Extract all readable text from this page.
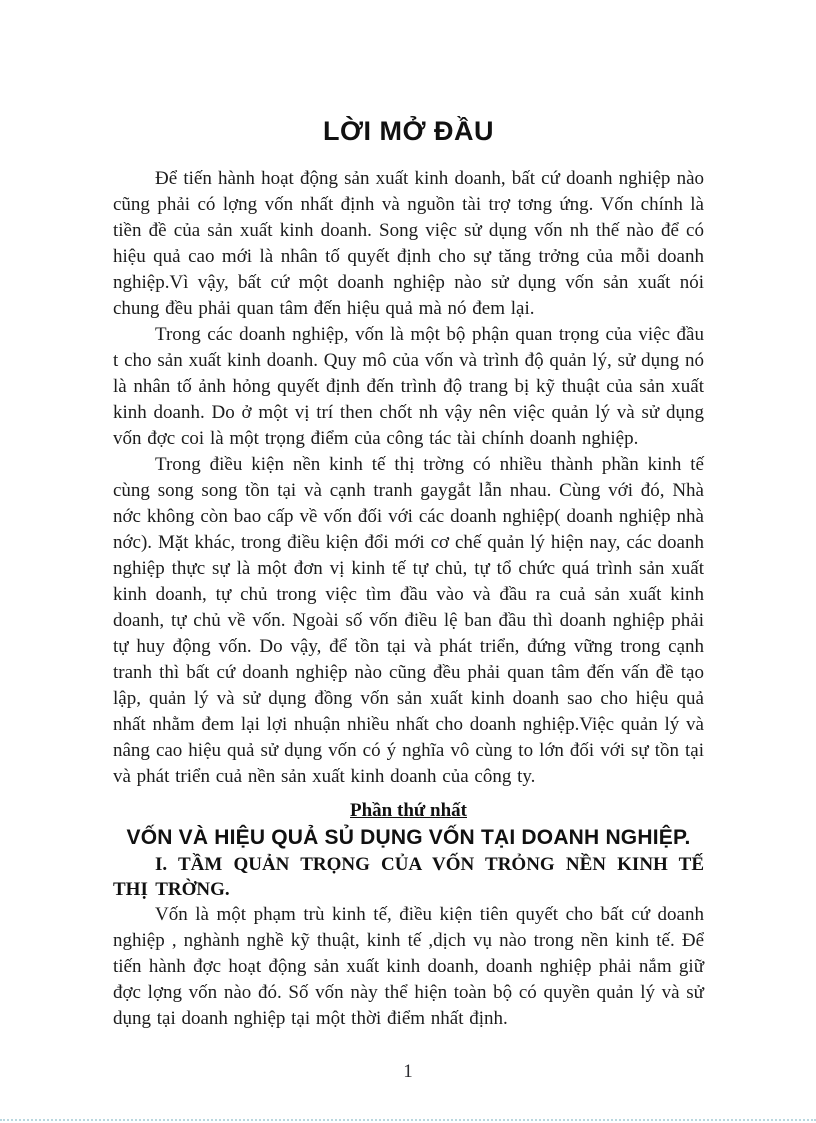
LỜI MỞ ĐẦU

Để tiến hành hoạt động sản xuất kinh doanh, bất cứ doanh nghiệp nào cũng phải có lợng vốn nhất định và nguồn tài trợ tơng ứng. Vốn chính là tiền đề của sản xuất kinh doanh. Song việc sử dụng vốn nh thế nào để có hiệu quả cao mới là nhân tố quyết định cho sự tăng trởng của mỗi doanh nghiệp.Vì vậy, bất cứ một doanh nghiệp nào sử dụng vốn sản xuất nói chung đều phải quan tâm đến hiệu quả mà nó đem lại.

Trong các doanh nghiệp, vốn là một bộ phận quan trọng của việc đầu t cho sản xuất kinh doanh. Quy mô của vốn và trình độ quản lý, sử dụng nó là nhân tố ảnh hỏng quyết định đến trình độ trang bị kỹ thuật của sản xuất kinh doanh. Do ở một vị trí then chốt nh vậy nên việc quản lý và sử dụng vốn đợc coi là một trọng điểm của công tác tài chính doanh nghiệp.

Trong điều kiện nền kinh tế thị trờng có nhiều thành phần kinh tế cùng song song tồn tại và cạnh tranh gaygắt lẫn nhau. Cùng với đó, Nhà nớc không còn bao cấp về vốn đối với các doanh nghiệp( doanh nghiệp nhà nớc). Mặt khác, trong điều kiện đổi mới cơ chế quản lý hiện nay, các doanh nghiệp thực sự là một đơn vị kinh tế tự chủ, tự tổ chức quá trình sản xuất kinh doanh, tự chủ trong việc tìm đầu vào và đầu ra cuả sản xuất kinh doanh, tự chủ về vốn. Ngoài số vốn điều lệ ban đầu thì doanh nghiệp phải tự huy động vốn. Do vậy, để tồn tại và phát triển, đứng vững trong cạnh tranh thì bất cứ doanh nghiệp nào cũng đều phải quan tâm đến vấn đề tạo lập, quản lý và sử dụng đồng vốn sản xuất kinh doanh sao cho hiệu quả nhất nhằm đem lại lợi nhuận nhiều nhất cho doanh nghiệp.Việc quản lý và nâng cao hiệu quả sử dụng vốn có ý nghĩa vô cùng to lớn đối với sự tồn tại và phát triển cuả nền sản xuất kinh doanh của công ty.

Phần thứ nhất
VỐN VÀ HIỆU QUẢ SỦ DỤNG VỐN TẠI DOANH NGHIỆP.
I. TẦM QUẢN TRỌNG CỦA VỐN TRỎNG NỀN KINH TẾ THỊ TRỜNG.

Vốn là một phạm trù kinh tế, điều kiện tiên quyết cho bất cứ doanh nghiệp , nghành nghề kỹ thuật, kinh tế ,dịch vụ nào trong nền kinh tế. Để tiến hành đợc hoạt động sản xuất kinh doanh, doanh nghiệp phải nắm giữ đợc lợng vốn nào đó. Số vốn này thể hiện toàn bộ có quyền quản lý và sử dụng tại doanh nghiệp tại một thời điểm nhất định.

1
